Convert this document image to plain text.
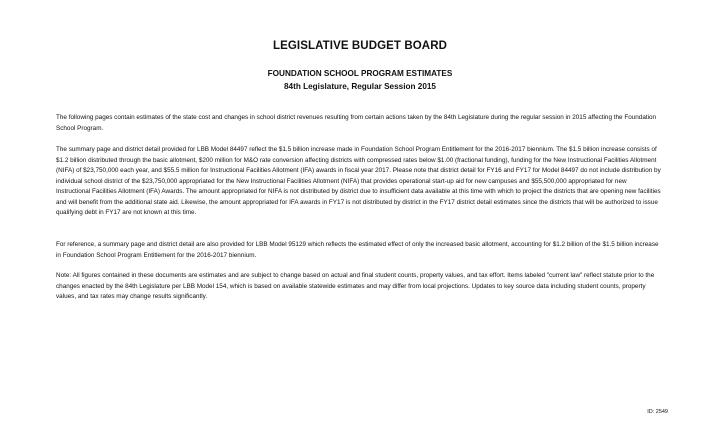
LEGISLATIVE BUDGET BOARD
FOUNDATION SCHOOL PROGRAM ESTIMATES
84th Legislature, Regular Session 2015
The following pages contain estimates of the state cost and changes in school district revenues resulting from certain actions taken by the 84th Legislature during the regular session in 2015 affecting the Foundation School Program.
The summary page and district detail provided for LBB Model 84497 reflect the $1.5 billion increase made in Foundation School Program Entitlement for the 2016-2017 biennium. The $1.5 billion increase consists of $1.2 billion distributed through the basic allotment, $200 million for M&O rate conversion affecting districts with compressed rates below $1.00 (fractional funding), funding for the New Instructional Facilities Allotment (NIFA) of $23,750,000 each year, and $55.5 million for Instructional Facilities Allotment (IFA) awards in fiscal year 2017. Please note that district detail for FY16 and FY17 for Model 84497 do not include distribution by individual school district of the $23,750,000 appropriated for the New Instructional Facilities Allotment (NIFA) that provides operational start-up aid for new campuses and $55,500,000 appropriated for new Instructional Facilities Allotment (IFA) Awards. The amount appropriated for NIFA is not distributed by district due to insufficient data available at this time with which to project the districts that are opening new facilities and will benefit from the additional state aid. Likewise, the amount appropriated for IFA awards in FY17 is not distributed by district in the FY17 district detail estimates since the districts that will be authorized to issue qualifying debt in FY17 are not known at this time.
For reference, a summary page and district detail are also provided for LBB Model 95129 which reflects the estimated effect of only the increased basic allotment, accounting for $1.2 billion of the $1.5 billion increase in Foundation School Program Entitlement for the 2016-2017 biennium.
Note: All figures contained in these documents are estimates and are subject to change based on actual and final student counts, property values, and tax effort. Items labeled "current law" reflect statute prior to the changes enacted by the 84th Legislature per LBB Model 154, which is based on available statewide estimates and may differ from local projections. Updates to key source data including student counts, property values, and tax rates may change results significantly.
ID: 2549
